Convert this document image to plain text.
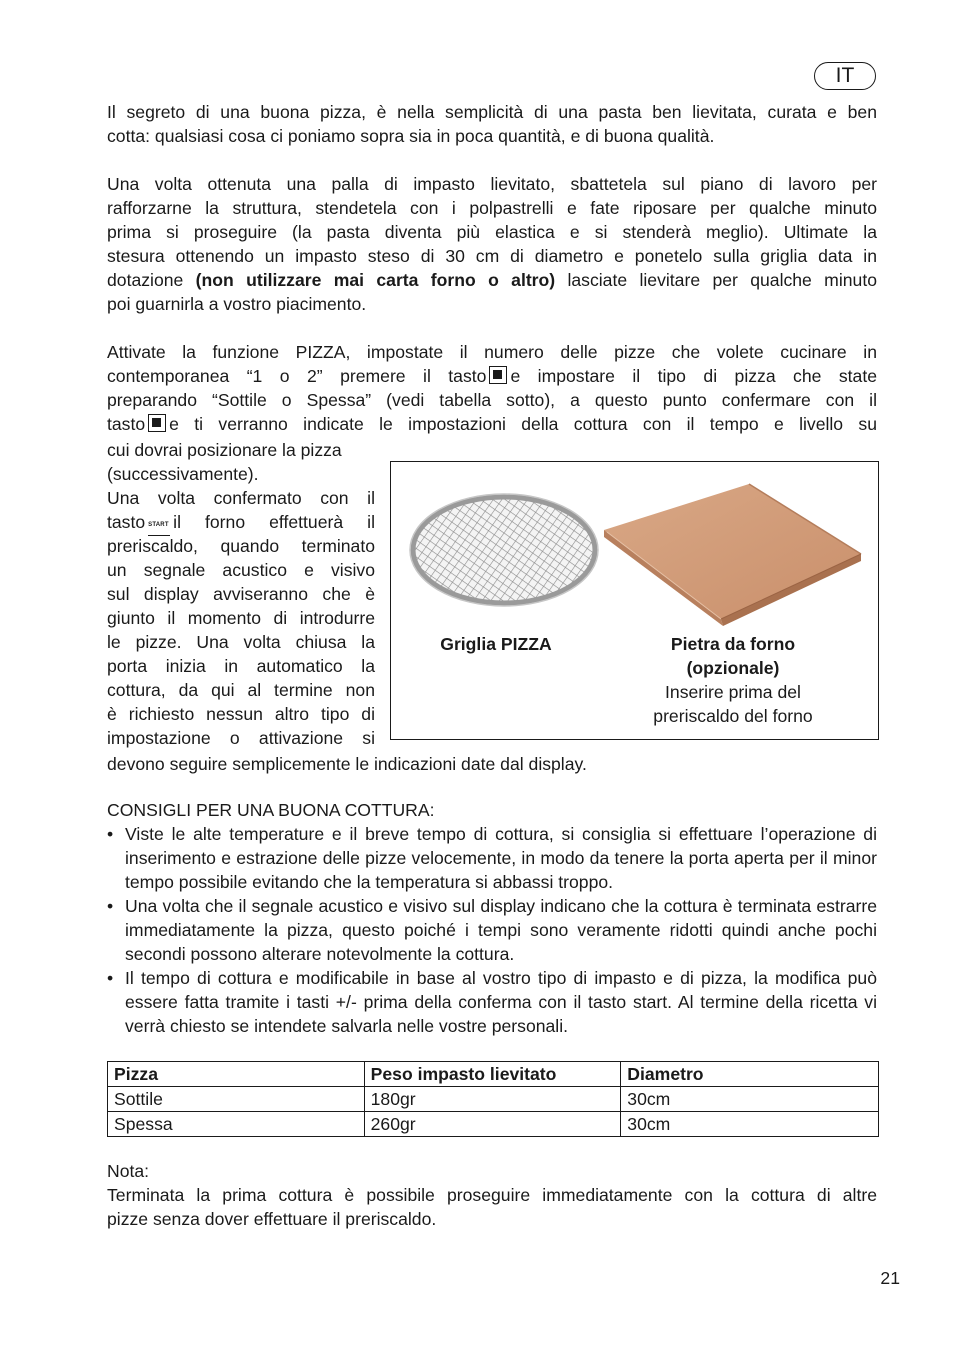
IT
Il segreto di una buona pizza, è nella semplicità di una pasta ben lievitata, curata e ben
cotta: qualsiasi cosa ci poniamo sopra sia in poca quantità, e di buona qualità.
Una volta ottenuta una palla di impasto lievitato, sbattetela sul piano di lavoro per
rafforzarne la struttura, stendetela con i polpastrelli e fate riposare per qualche minuto
prima si proseguire (la pasta diventa più elastica e si stenderà meglio). Ultimate la
stesura ottenendo un impasto steso di 30 cm di diametro e ponetelo sulla griglia data in
dotazione (non utilizzare mai carta forno o altro) lasciate lievitare per qualche minuto
poi guarnirla a vostro piacimento.
Attivate la funzione PIZZA, impostate il numero delle pizze che volete cucinare in
contemporanea “1 o 2” premere il tasto e impostare il tipo di pizza che state
preparando “Sottile o Spessa” (vedi tabella sotto), a questo punto confermare con il
tasto e ti verranno indicate le impostazioni della cottura con il tempo e livello su
cui dovrai posizionare la pizza
(successivamente).
Una volta confermato con il
tasto START il forno effettuerà il
preriscaldo, quando terminato
un segnale acustico e visivo
sul display avviseranno che è
giunto il momento di introdurre
le pizze. Una volta chiusa la
porta inizia in automatico la
cottura, da qui al termine non
è richiesto nessun altro tipo di
impostazione o attivazione si
devono seguire semplicemente le indicazioni date dal display.
Griglia PIZZA	Pietra da forno
(opzionale)
Inserire prima del
preriscaldo del forno
CONSIGLI PER UNA BUONA COTTURA:
• Viste le alte temperature e il breve tempo di cottura, si consiglia si effettuare l’operazione di inserimento e estrazione delle pizze velocemente, in modo da tenere la porta aperta per il minor tempo possibile evitando che la temperatura si abbassi troppo.
• Una volta che il segnale acustico e visivo sul display indicano che la cottura è terminata estrarre immediatamente la pizza, questo poiché i tempi sono veramente ridotti quindi anche pochi secondi possono alterare notevolmente la cottura.
• Il tempo di cottura e modificabile in base al vostro tipo di impasto e di pizza, la modifica può essere fatta tramite i tasti +/- prima della conferma con il tasto start. Al termine della ricetta vi verrà chiesto se intendete salvarla nelle vostre personali.
Pizza	Peso impasto lievitato	Diametro
Sottile	180gr	30cm
Spessa	260gr	30cm
Nota:
Terminata la prima cottura è possibile proseguire immediatamente con la cottura di altre
pizze senza dover effettuare il preriscaldo.
21
